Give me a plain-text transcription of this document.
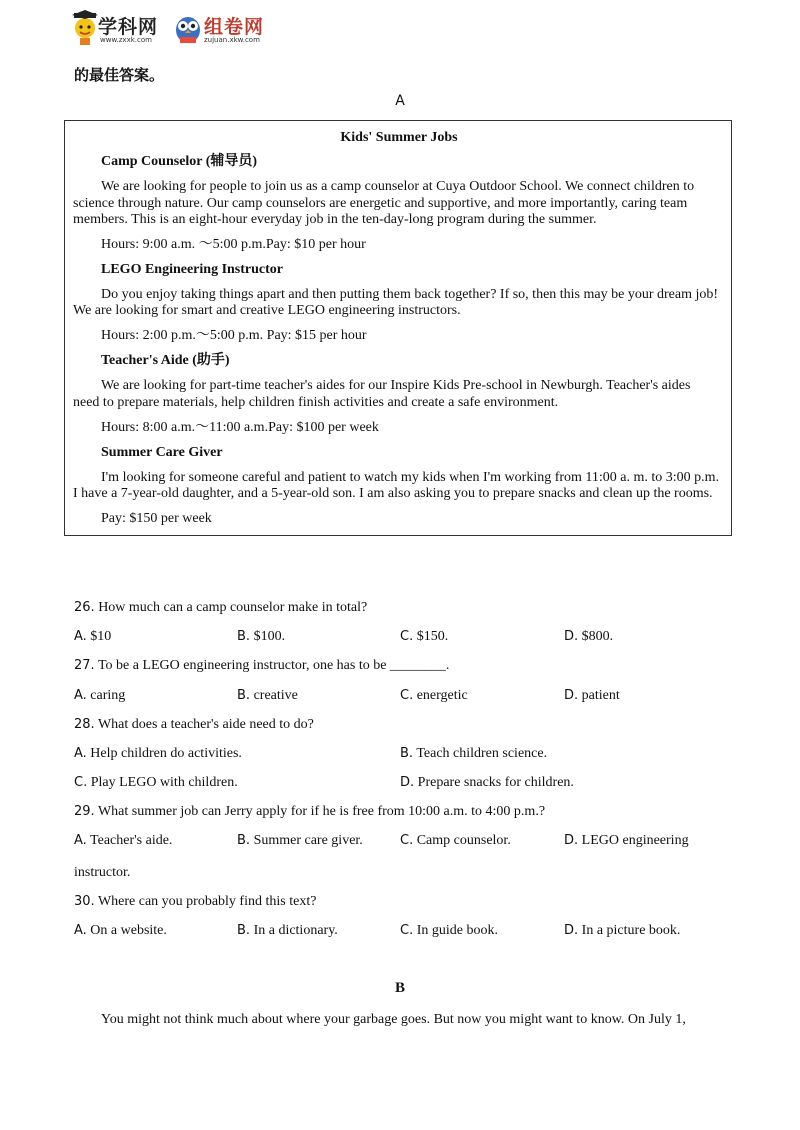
学科网
www.zxxk.com
组卷网
zujuan.xkw.com
的最佳答案。
A
Kids' Summer Jobs
Camp Counselor (辅导员)
We are looking for people to join us as a camp counselor at Cuya Outdoor School. We connect children to
science through nature. Our camp counselors are energetic and supportive, and more importantly, caring team
members. This is an eight-hour everyday job in the ten-day-long program during the summer.
Hours: 9:00 a.m. ～5:00 p.m.Pay: $10 per hour
LEGO Engineering Instructor
Do you enjoy taking things apart and then putting them back together? If so, then this may be your dream job!
We are looking for smart and creative LEGO engineering instructors.
Hours: 2:00 p.m.～5:00 p.m. Pay: $15 per hour
Teacher's Aide (助手)
We are looking for part-time teacher's aides for our Inspire Kids Pre-school in Newburgh. Teacher's aides
need to prepare materials, help children finish activities and create a safe environment.
Hours: 8:00 a.m.～11:00 a.m.Pay: $100 per week
Summer Care Giver
I'm looking for someone careful and patient to watch my kids when I'm working from 11:00 a. m. to 3:00 p.m.
I have a 7-year-old daughter, and a 5-year-old son. I am also asking you to prepare snacks and clean up the rooms.
Pay: $150 per week
26. How much can a camp counselor make in total?
A. $10	B. $100.	C. $150.	D. $800.
27. To be a LEGO engineering instructor, one has to be ________.
A. caring	B. creative	C. energetic	D. patient
28. What does a teacher's aide need to do?
A. Help children do activities.	B. Teach children science.
C. Play LEGO with children.	D. Prepare snacks for children.
29. What summer job can Jerry apply for if he is free from 10:00 a.m. to 4:00 p.m.?
A. Teacher's aide.	B. Summer care giver.	C. Camp counselor.	D. LEGO engineering
instructor.
30. Where can you probably find this text?
A. On a website.	B. In a dictionary.	C. In guide book.	D. In a picture book.
B
You might not think much about where your garbage goes. But now you might want to know. On July 1,
